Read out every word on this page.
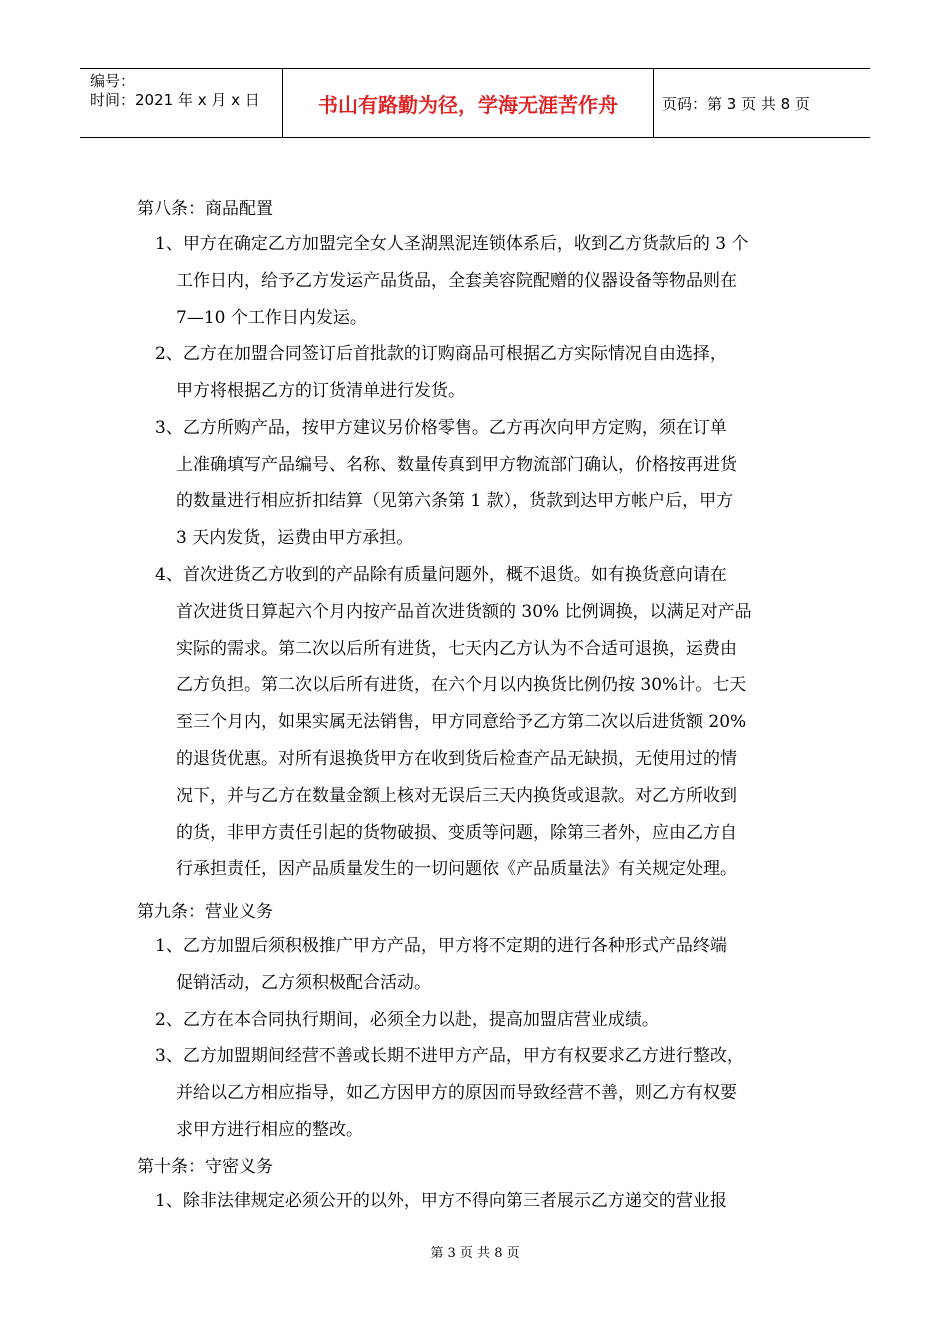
编号：
时间：2021 年 x 月 x 日	书山有路勤为径，学海无涯苦作舟	页码：第 3 页 共 8 页
第八条：商品配置
1、甲方在确定乙方加盟完全女人圣湖黑泥连锁体系后，收到乙方货款后的 3 个
工作日内，给予乙方发运产品货品，全套美容院配赠的仪器设备等物品则在
7—10 个工作日内发运。
2、乙方在加盟合同签订后首批款的订购商品可根据乙方实际情况自由选择，
甲方将根据乙方的订货清单进行发货。
3、乙方所购产品，按甲方建议另价格零售。乙方再次向甲方定购，须在订单
上准确填写产品编号、名称、数量传真到甲方物流部门确认，价格按再进货
的数量进行相应折扣结算（见第六条第 1 款），货款到达甲方帐户后，甲方
3 天内发货，运费由甲方承担。
4、首次进货乙方收到的产品除有质量问题外，概不退货。如有换货意向请在
首次进货日算起六个月内按产品首次进货额的 30% 比例调换，以满足对产品
实际的需求。第二次以后所有进货，七天内乙方认为不合适可退换，运费由
乙方负担。第二次以后所有进货，在六个月以内换货比例仍按 30%计。七天
至三个月内，如果实属无法销售，甲方同意给予乙方第二次以后进货额 20%
的退货优惠。对所有退换货甲方在收到货后检查产品无缺损，无使用过的情
况下，并与乙方在数量金额上核对无误后三天内换货或退款。对乙方所收到
的货，非甲方责任引起的货物破损、变质等问题，除第三者外，应由乙方自
行承担责任，因产品质量发生的一切问题依《产品质量法》有关规定处理。
第九条：营业义务
1、乙方加盟后须积极推广甲方产品，甲方将不定期的进行各种形式产品终端
促销活动，乙方须积极配合活动。
2、乙方在本合同执行期间，必须全力以赴，提高加盟店营业成绩。
3、乙方加盟期间经营不善或长期不进甲方产品，甲方有权要求乙方进行整改，
并给以乙方相应指导，如乙方因甲方的原因而导致经营不善，则乙方有权要
求甲方进行相应的整改。
第十条：守密义务
1、除非法律规定必须公开的以外，甲方不得向第三者展示乙方递交的营业报
第 3 页 共 8 页
